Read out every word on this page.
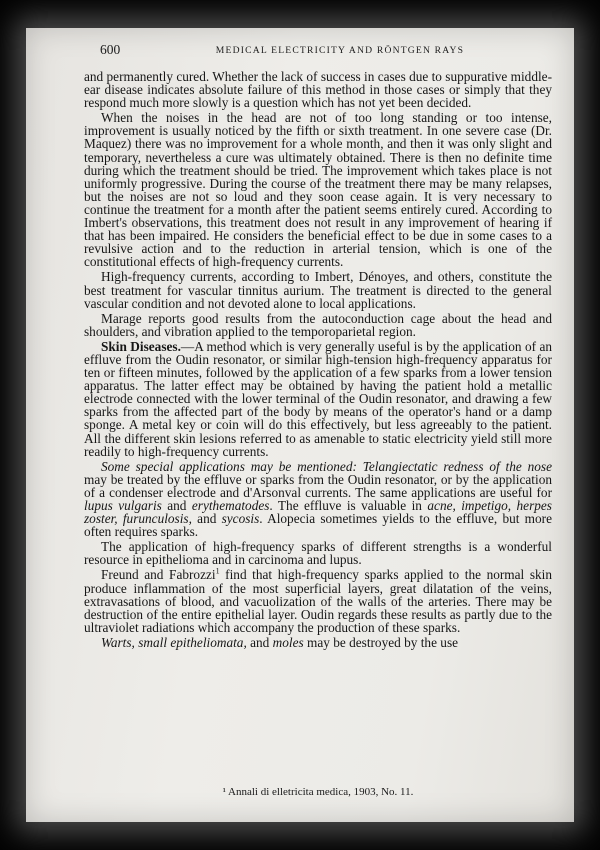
600	MEDICAL ELECTRICITY AND RÖNTGEN RAYS

and permanently cured. Whether the lack of success in cases due to suppurative middle-ear disease indicates absolute failure of this method in those cases or simply that they respond much more slowly is a question which has not yet been decided.

When the noises in the head are not of too long standing or too intense, improvement is usually noticed by the fifth or sixth treatment. In one severe case (Dr. Maquez) there was no improvement for a whole month, and then it was only slight and temporary, nevertheless a cure was ultimately obtained. There is then no definite time during which the treatment should be tried. The improvement which takes place is not uniformly progressive. During the course of the treatment there may be many relapses, but the noises are not so loud and they soon cease again. It is very necessary to continue the treatment for a month after the patient seems entirely cured. According to Imbert's observations, this treatment does not result in any improvement of hearing if that has been impaired. He considers the beneficial effect to be due in some cases to a revulsive action and to the reduction in arterial tension, which is one of the constitutional effects of high-frequency currents.

High-frequency currents, according to Imbert, Dénoyes, and others, constitute the best treatment for vascular tinnitus aurium. The treatment is directed to the general vascular condition and not devoted alone to local applications.

Marage reports good results from the autoconduction cage about the head and shoulders, and vibration applied to the temporoparietal region.

Skin Diseases.—A method which is very generally useful is by the application of an effluve from the Oudin resonator, or similar high-tension high-frequency apparatus for ten or fifteen minutes, followed by the application of a few sparks from a lower tension apparatus. The latter effect may be obtained by having the patient hold a metallic electrode connected with the lower terminal of the Oudin resonator, and drawing a few sparks from the affected part of the body by means of the operator's hand or a damp sponge. A metal key or coin will do this effectively, but less agreeably to the patient. All the different skin lesions referred to as amenable to static electricity yield still more readily to high-frequency currents.

Some special applications may be mentioned: Telangiectatic redness of the nose may be treated by the effluve or sparks from the Oudin resonator, or by the application of a condenser electrode and d'Arsonval currents. The same applications are useful for lupus vulgaris and erythematodes. The effluve is valuable in acne, impetigo, herpes zoster, furunculosis, and sycosis. Alopecia sometimes yields to the effluve, but more often requires sparks.

The application of high-frequency sparks of different strengths is a wonderful resource in epithelioma and in carcinoma and lupus.

Freund and Fabrozzi$^1$ find that high-frequency sparks applied to the normal skin produce inflammation of the most superficial layers, great dilatation of the veins, extravasations of blood, and vacuolization of the walls of the arteries. There may be destruction of the entire epithelial layer. Oudin regards these results as partly due to the ultraviolet radiations which accompany the production of these sparks.

Warts, small epitheliomata, and moles may be destroyed by the use

¹ Annali di elletricita medica, 1903, No. 11.
